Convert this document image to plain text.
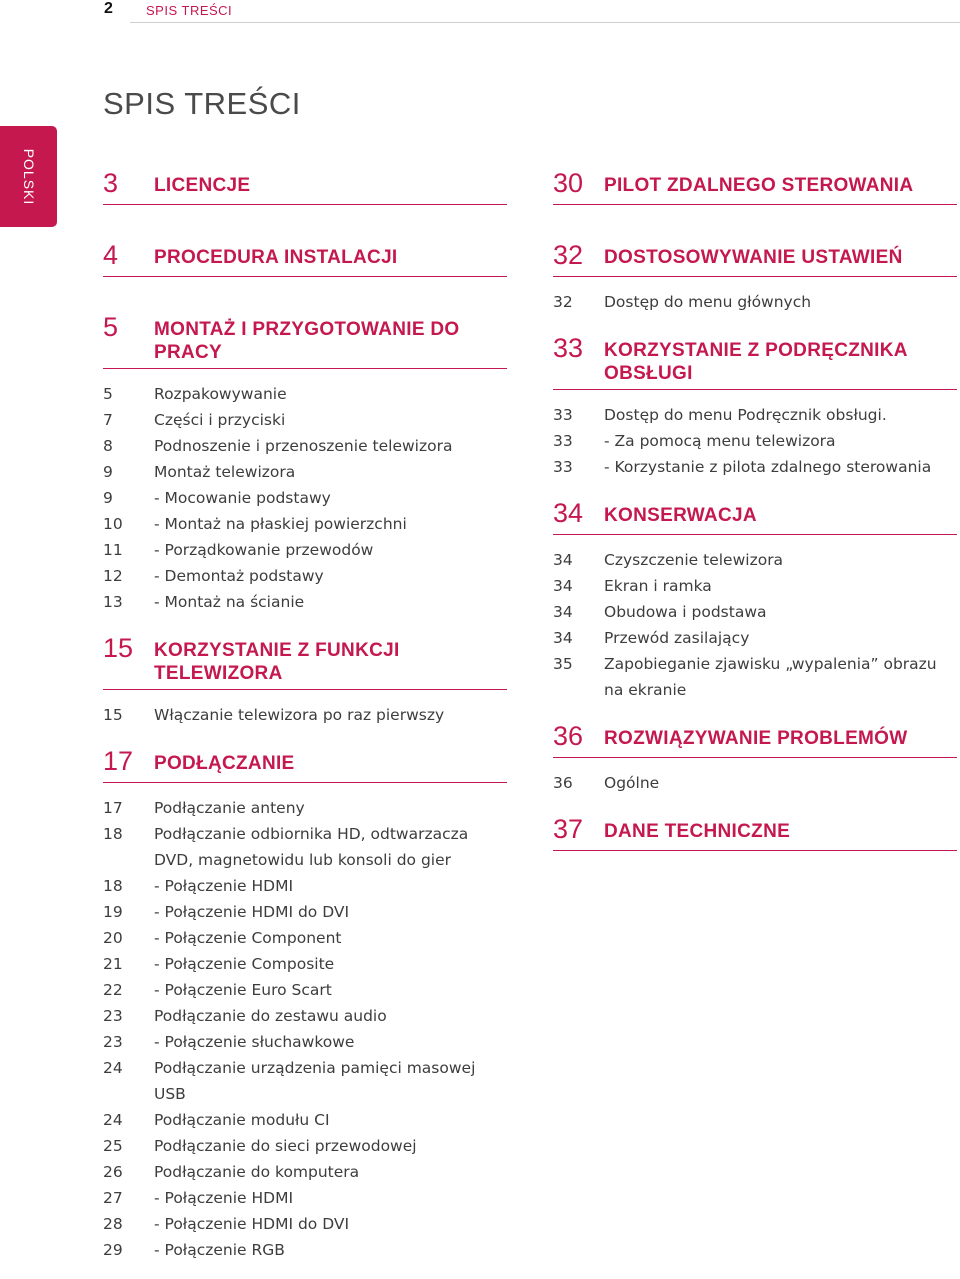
2	SPIS TREŚCI
POLSKI
SPIS TREŚCI
3	LICENCJE
4	PROCEDURA INSTALACJI
5	MONTAŻ I PRZYGOTOWANIE DO PRACY
5	Rozpakowywanie
7	Części i przyciski
8	Podnoszenie i przenoszenie telewizora
9	Montaż telewizora
9	- Mocowanie podstawy
10	- Montaż na płaskiej powierzchni
11	- Porządkowanie przewodów
12	- Demontaż podstawy
13	- Montaż na ścianie
15	KORZYSTANIE Z FUNKCJI TELEWIZORA
15	Włączanie telewizora po raz pierwszy
17	PODŁĄCZANIE
17	Podłączanie anteny
18	Podłączanie odbiornika HD, odtwarzacza DVD, magnetowidu lub konsoli do gier
18	- Połączenie HDMI
19	- Połączenie HDMI do DVI
20	- Połączenie Component
21	- Połączenie Composite
22	- Połączenie Euro Scart
23	Podłączanie do zestawu audio
23	- Połączenie słuchawkowe
24	Podłączanie urządzenia pamięci masowej USB
24	Podłączanie modułu CI
25	Podłączanie do sieci przewodowej
26	Podłączanie do komputera
27	- Połączenie HDMI
28	- Połączenie HDMI do DVI
29	- Połączenie RGB
30	PILOT ZDALNEGO STEROWANIA
32	DOSTOSOWYWANIE USTAWIEŃ
32	Dostęp do menu głównych
33	KORZYSTANIE Z PODRĘCZNIKA OBSŁUGI
33	Dostęp do menu Podręcznik obsługi.
33	- Za pomocą menu telewizora
33	- Korzystanie z pilota zdalnego sterowania
34	KONSERWACJA
34	Czyszczenie telewizora
34	Ekran i ramka
34	Obudowa i podstawa
34	Przewód zasilający
35	Zapobieganie zjawisku „wypalenia” obrazu na ekranie
36	ROZWIĄZYWANIE PROBLEMÓW
36	Ogólne
37	DANE TECHNICZNE
